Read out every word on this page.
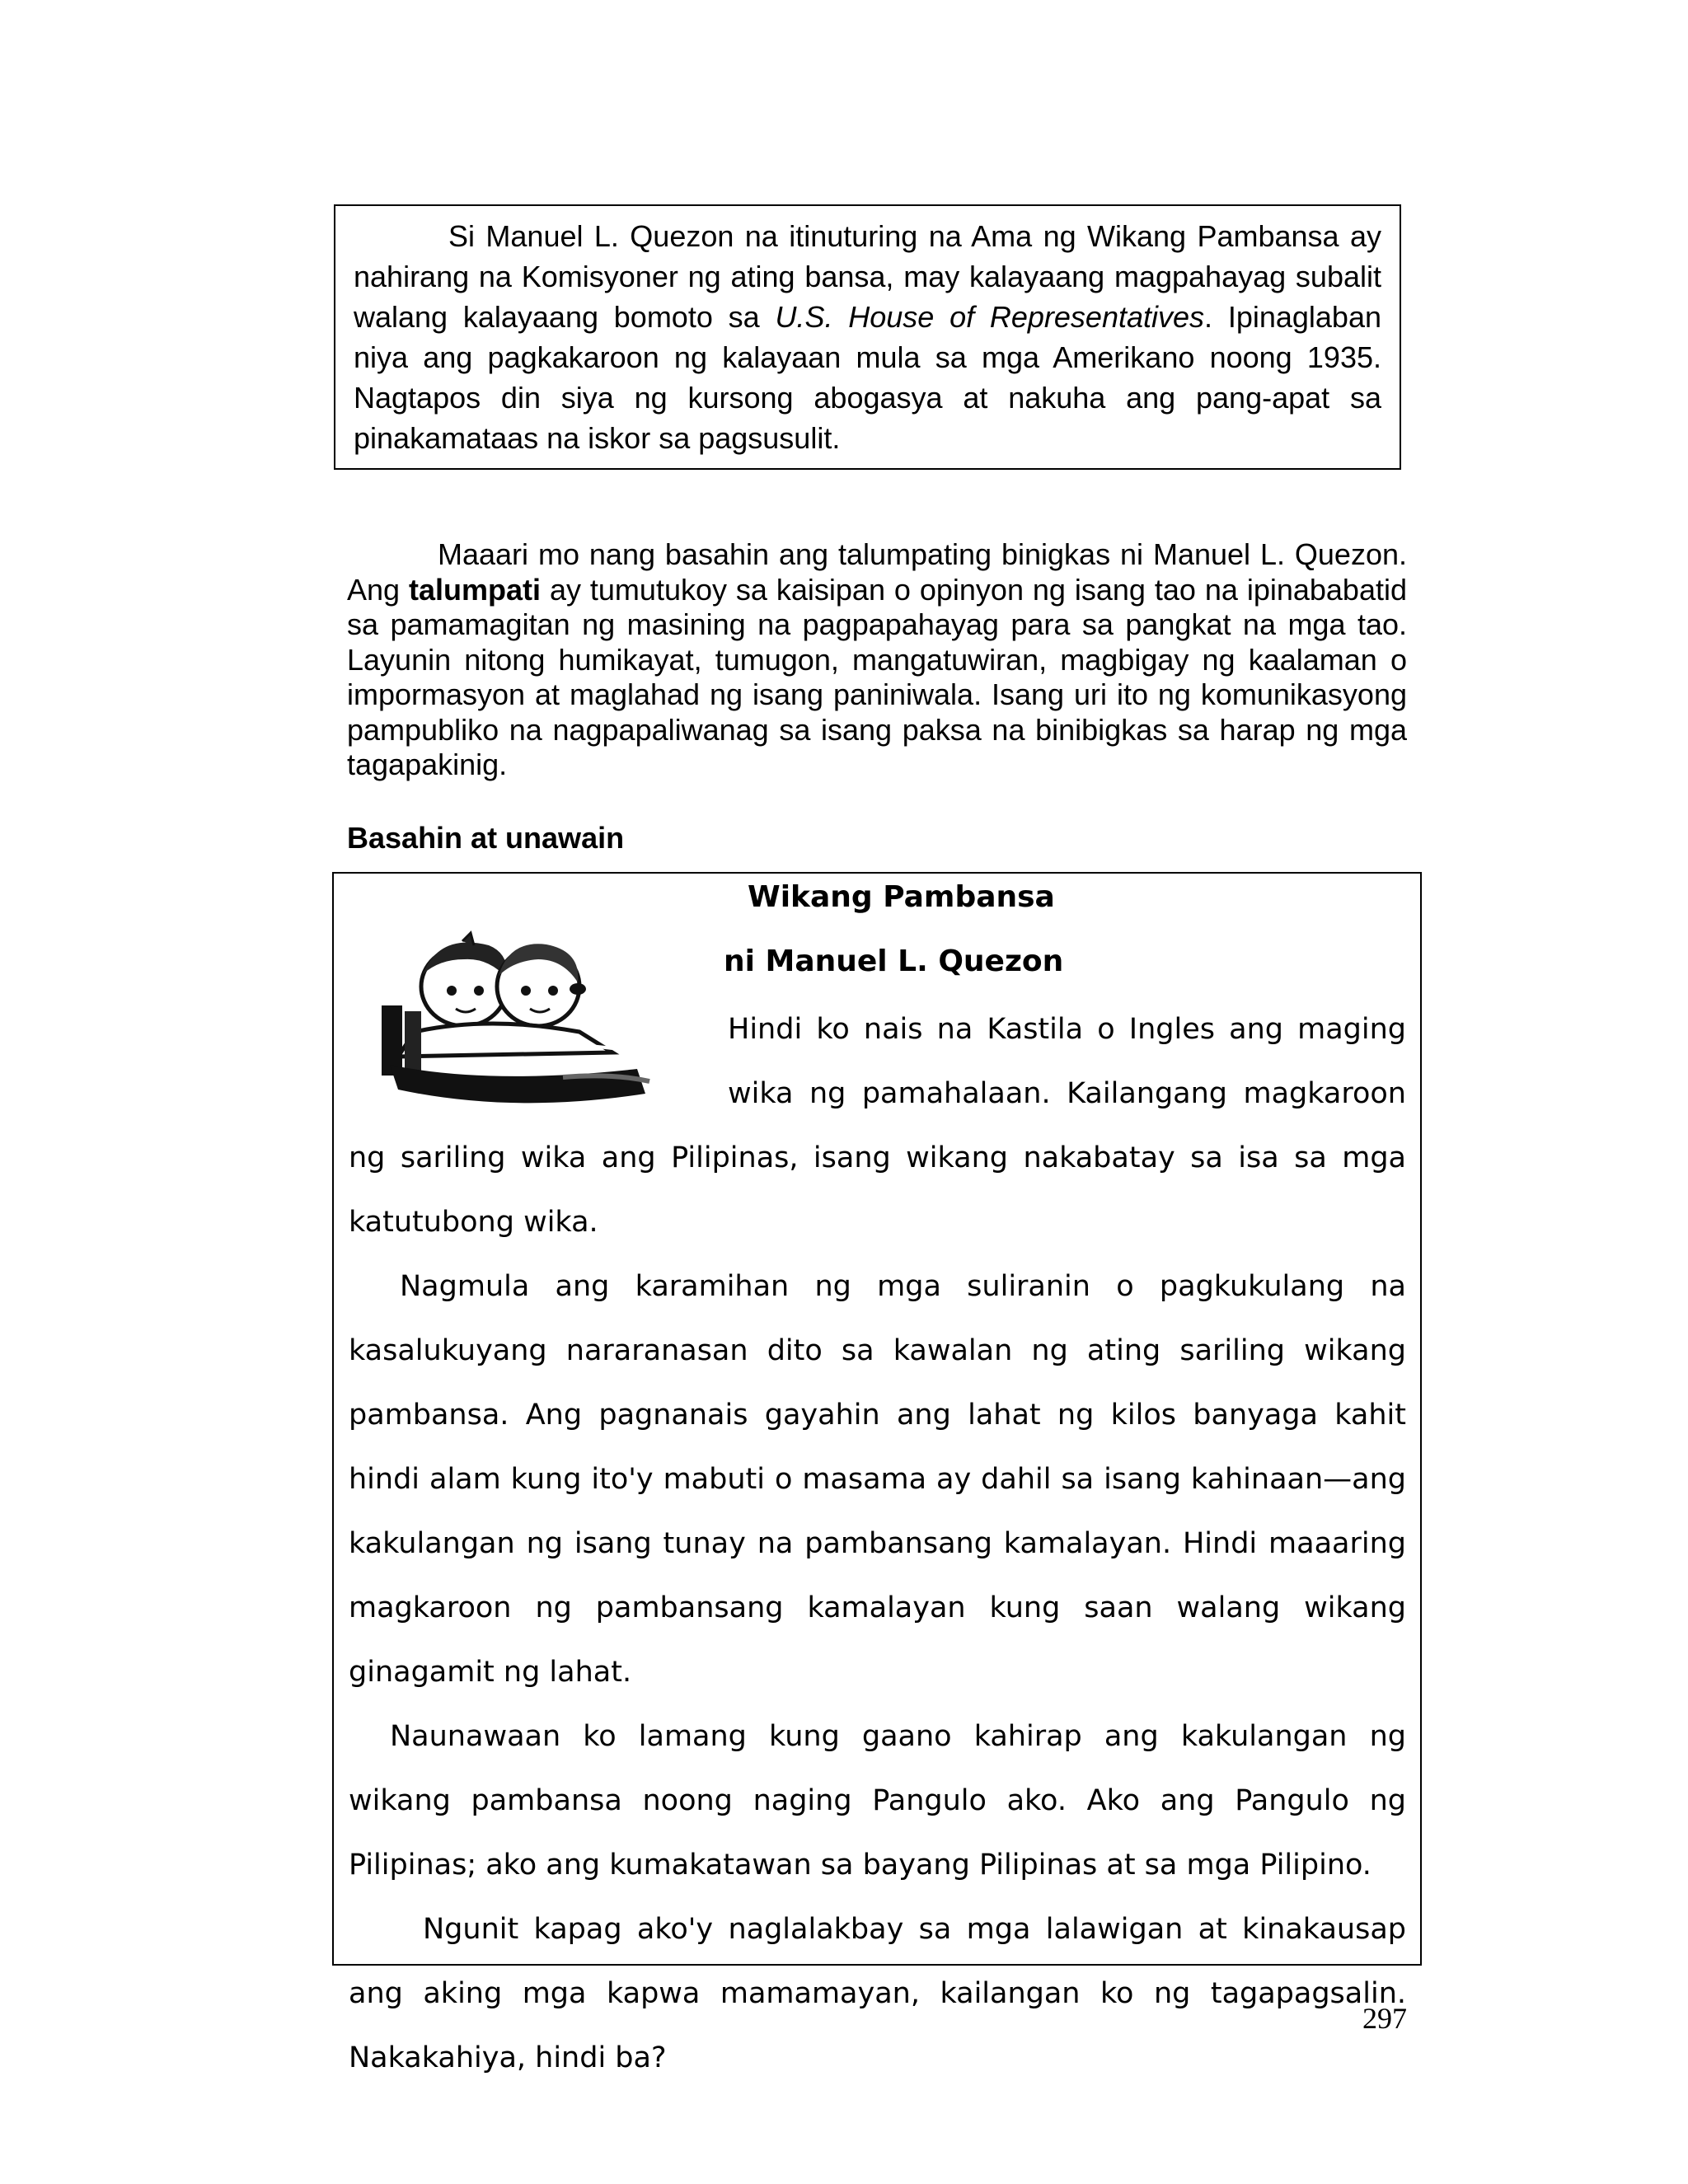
Si Manuel L. Quezon na itinuturing na Ama ng Wikang Pambansa ay nahirang na Komisyoner ng ating bansa, may kalayaang magpahayag subalit walang kalayaang bomoto sa U.S. House of Representatives. Ipinaglaban niya ang pagkakaroon ng kalayaan mula sa mga Amerikano noong 1935. Nagtapos din siya ng kursong abogasya at nakuha ang pang-apat sa pinakamataas na iskor sa pagsusulit.

Maaari mo nang basahin ang talumpating binigkas ni Manuel L. Quezon. Ang talumpati ay tumutukoy sa kaisipan o opinyon ng isang tao na ipinababatid sa pamamagitan ng masining na pagpapahayag para sa pangkat na mga tao. Layunin nitong humikayat, tumugon, mangatuwiran, magbigay ng kaalaman o impormasyon at maglahad ng isang paniniwala. Isang uri ito ng komunikasyong pampubliko na nagpapaliwanag sa isang paksa na binibigkas sa harap ng mga tagapakinig.

Basahin at unawain

Wikang Pambansa

ni Manuel L. Quezon

Hindi ko nais na Kastila o Ingles ang maging wika ng pamahalaan. Kailangang magkaroon ng sariling wika ang Pilipinas, isang wikang nakabatay sa isa sa mga katutubong wika.

Nagmula ang karamihan ng mga suliranin o pagkukulang na kasalukuyang nararanasan dito sa kawalan ng ating sariling wikang pambansa. Ang pagnanais gayahin ang lahat ng kilos banyaga kahit hindi alam kung ito'y mabuti o masama ay dahil sa isang kahinaan—ang kakulangan ng isang tunay na pambansang kamalayan. Hindi maaaring magkaroon ng pambansang kamalayan kung saan walang wikang ginagamit ng lahat.

Naunawaan ko lamang kung gaano kahirap ang kakulangan ng wikang pambansa noong naging Pangulo ako. Ako ang Pangulo ng Pilipinas; ako ang kumakatawan sa bayang Pilipinas at sa mga Pilipino.

Ngunit kapag ako'y naglalakbay sa mga lalawigan at kinakausap ang aking mga kapwa mamamayan, kailangan ko ng tagapagsalin. Nakakahiya, hindi ba?

297
